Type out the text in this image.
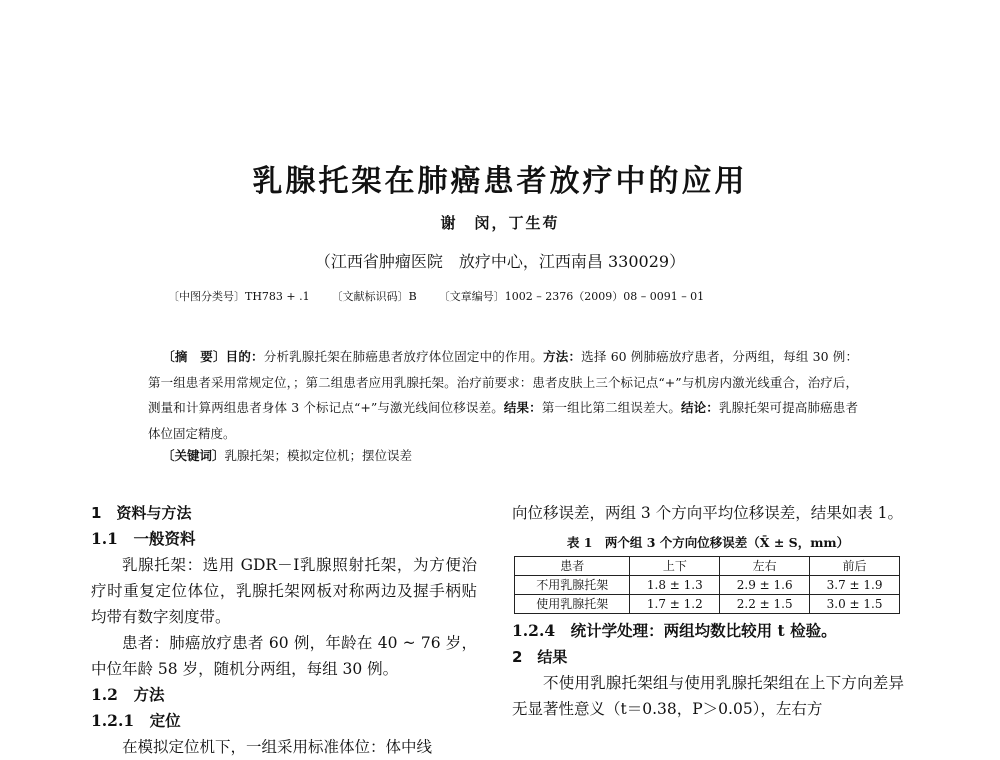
乳腺托架在肺癌患者放疗中的应用
谢　闵，丁生苟
（江西省肿瘤医院　放疗中心，江西南昌 330029）
〔中图分类号〕TH783 + .1 〔文献标识码〕B 〔文章编号〕1002 – 2376（2009）08 – 0091 – 01
〔摘　要〕目的：分析乳腺托架在肺癌患者放疗体位固定中的作用。方法：选择 60 例肺癌放疗患者，分两组，每组 30 例：第一组患者采用常规定位，；第二组患者应用乳腺托架。治疗前要求：患者皮肤上三个标记点“+”与机房内激光线重合，治疗后，测量和计算两组患者身体 3 个标记点“+”与激光线间位移误差。结果：第一组比第二组误差大。结论：乳腺托架可提高肺癌患者体位固定精度。
〔关键词〕乳腺托架；模拟定位机；摆位误差
1　资料与方法
1.1　一般资料
乳腺托架：选用 GDR－Ⅰ乳腺照射托架，为方便治疗时重复定位体位，乳腺托架网板对称两边及握手柄贴均带有数字刻度带。
患者：肺癌放疗患者 60 例，年龄在 40 ~ 76 岁，中位年龄 58 岁，随机分两组，每组 30 例。
1.2　方法
1.2.1　定位
在模拟定位机下，一组采用标准体位：体中线
向位移误差，两组 3 个方向平均位移误差，结果如表 1。
表 1　两个组 3 个方向位移误差（X̄ ± S，mm）
患者	上下	左右	前后
不用乳腺托架	1.8 ± 1.3	2.9 ± 1.6	3.7 ± 1.9
使用乳腺托架	1.7 ± 1.2	2.2 ± 1.5	3.0 ± 1.5
1.2.4　统计学处理：两组均数比较用 t 检验。
2　结果
不使用乳腺托架组与使用乳腺托架组在上下方向差异无显著性意义（t＝0.38，P＞0.05），左右方
